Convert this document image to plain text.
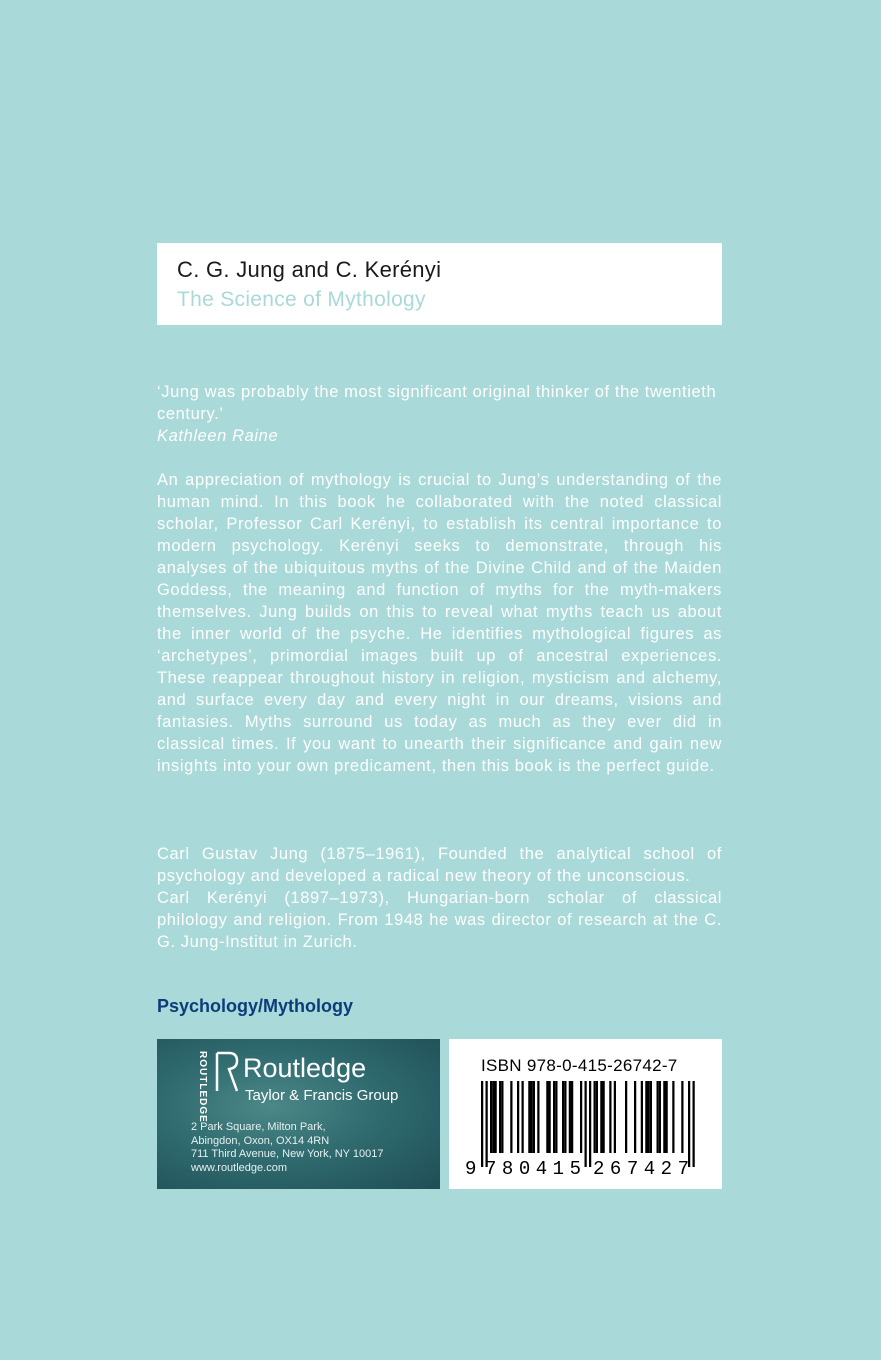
C. G. Jung and C. Kerényi
The Science of Mythology
‘Jung was probably the most significant original thinker of the twentieth century.’
Kathleen Raine
An appreciation of mythology is crucial to Jung’s understanding of the human mind. In this book he collaborated with the noted classical scholar, Professor Carl Kerényi, to establish its central importance to modern psychology. Kerényi seeks to demonstrate, through his analyses of the ubiquitous myths of the Divine Child and of the Maiden Goddess, the meaning and function of myths for the myth-makers themselves. Jung builds on this to reveal what myths teach us about the inner world of the psyche. He identifies mythological figures as ‘archetypes’, primordial images built up of ancestral experiences. These reappear throughout history in religion, mysticism and alchemy, and surface every day and every night in our dreams, visions and fantasies. Myths surround us today as much as they ever did in classical times. If you want to unearth their significance and gain new insights into your own predicament, then this book is the perfect guide.

Carl Gustav Jung (1875–1961), Founded the analytical school of psychology and developed a radical new theory of the unconscious.

Carl Kerényi (1897–1973), Hungarian-born scholar of classical philology and religion. From 1948 he was director of research at the C. G. Jung-Institut in Zurich.

Psychology/Mythology
ROUTLEDGE Routledge
Taylor & Francis Group
2 Park Square, Milton Park,
Abingdon, Oxon, OX14 4RN
711 Third Avenue, New York, NY 10017
www.routledge.com
ISBN 978-0-415-26742-7
9 780415 267427
